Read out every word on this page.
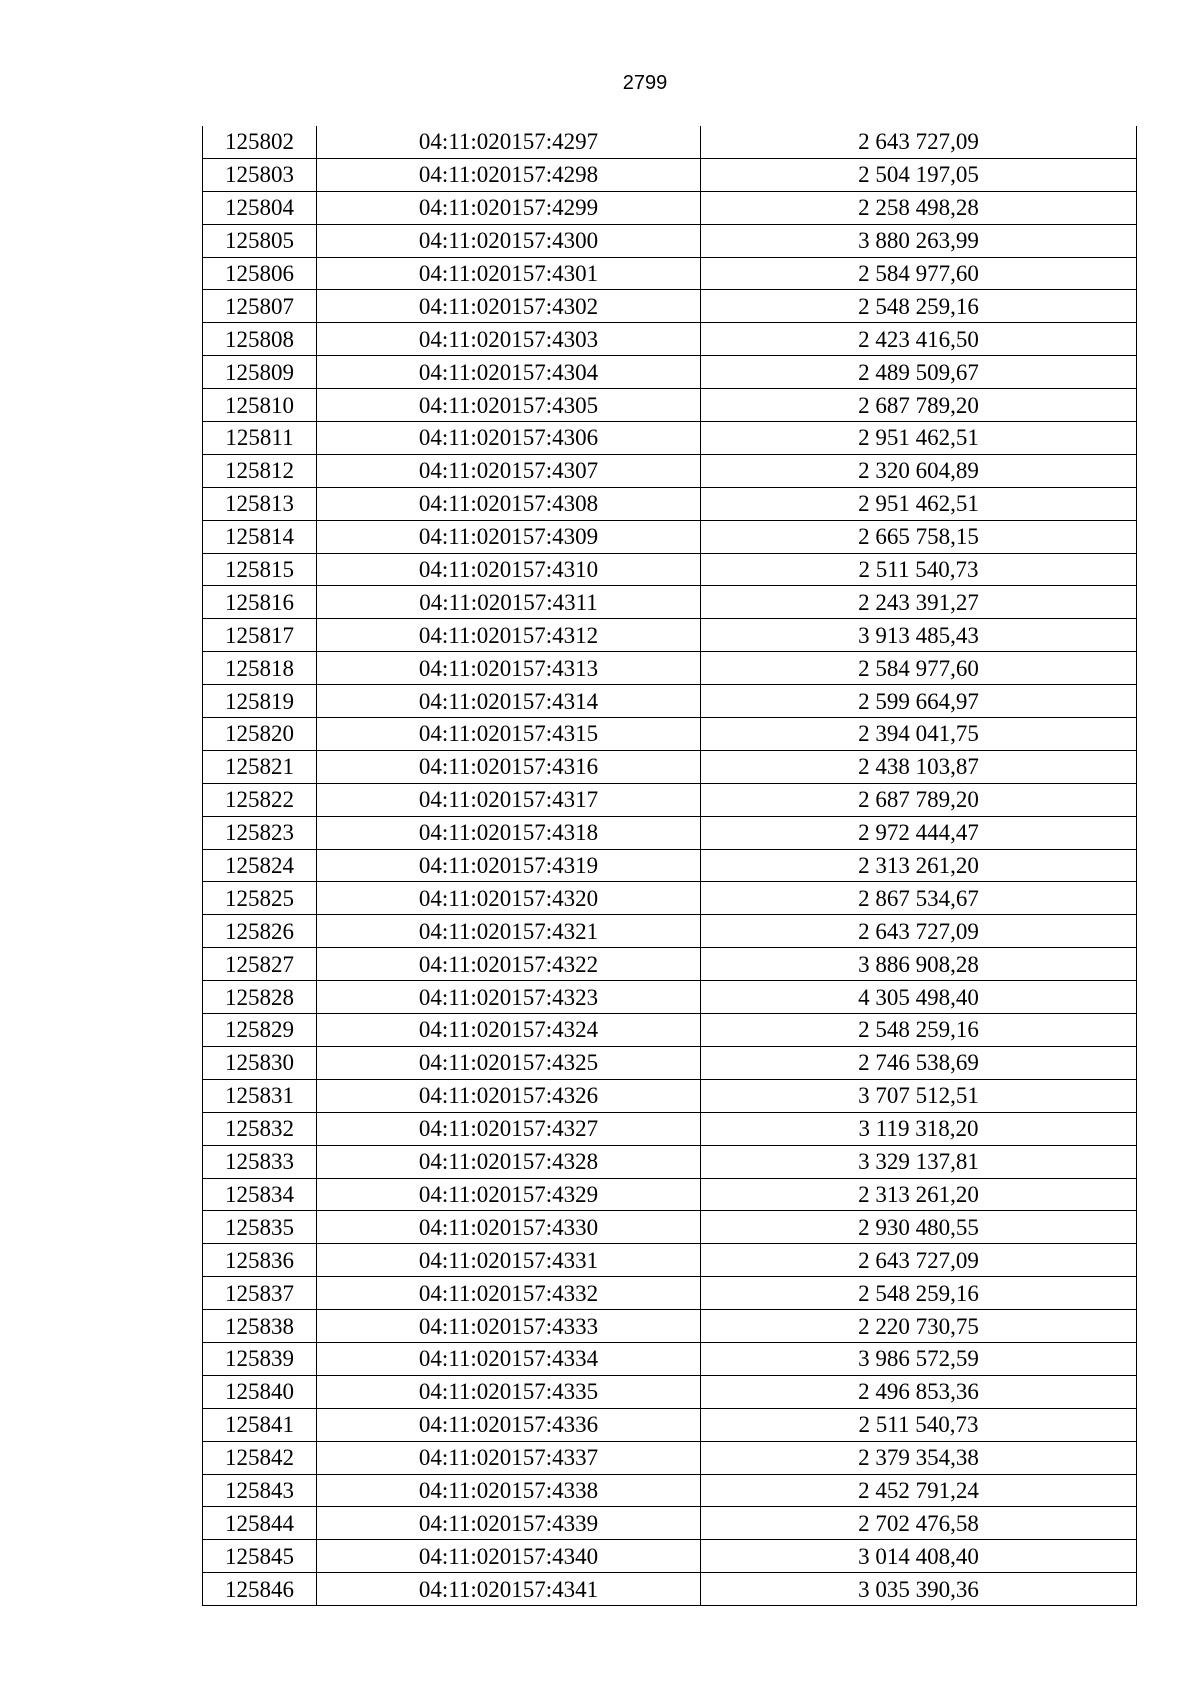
2799
125802	04:11:020157:4297	2 643 727,09
125803	04:11:020157:4298	2 504 197,05
125804	04:11:020157:4299	2 258 498,28
125805	04:11:020157:4300	3 880 263,99
125806	04:11:020157:4301	2 584 977,60
125807	04:11:020157:4302	2 548 259,16
125808	04:11:020157:4303	2 423 416,50
125809	04:11:020157:4304	2 489 509,67
125810	04:11:020157:4305	2 687 789,20
125811	04:11:020157:4306	2 951 462,51
125812	04:11:020157:4307	2 320 604,89
125813	04:11:020157:4308	2 951 462,51
125814	04:11:020157:4309	2 665 758,15
125815	04:11:020157:4310	2 511 540,73
125816	04:11:020157:4311	2 243 391,27
125817	04:11:020157:4312	3 913 485,43
125818	04:11:020157:4313	2 584 977,60
125819	04:11:020157:4314	2 599 664,97
125820	04:11:020157:4315	2 394 041,75
125821	04:11:020157:4316	2 438 103,87
125822	04:11:020157:4317	2 687 789,20
125823	04:11:020157:4318	2 972 444,47
125824	04:11:020157:4319	2 313 261,20
125825	04:11:020157:4320	2 867 534,67
125826	04:11:020157:4321	2 643 727,09
125827	04:11:020157:4322	3 886 908,28
125828	04:11:020157:4323	4 305 498,40
125829	04:11:020157:4324	2 548 259,16
125830	04:11:020157:4325	2 746 538,69
125831	04:11:020157:4326	3 707 512,51
125832	04:11:020157:4327	3 119 318,20
125833	04:11:020157:4328	3 329 137,81
125834	04:11:020157:4329	2 313 261,20
125835	04:11:020157:4330	2 930 480,55
125836	04:11:020157:4331	2 643 727,09
125837	04:11:020157:4332	2 548 259,16
125838	04:11:020157:4333	2 220 730,75
125839	04:11:020157:4334	3 986 572,59
125840	04:11:020157:4335	2 496 853,36
125841	04:11:020157:4336	2 511 540,73
125842	04:11:020157:4337	2 379 354,38
125843	04:11:020157:4338	2 452 791,24
125844	04:11:020157:4339	2 702 476,58
125845	04:11:020157:4340	3 014 408,40
125846	04:11:020157:4341	3 035 390,36
